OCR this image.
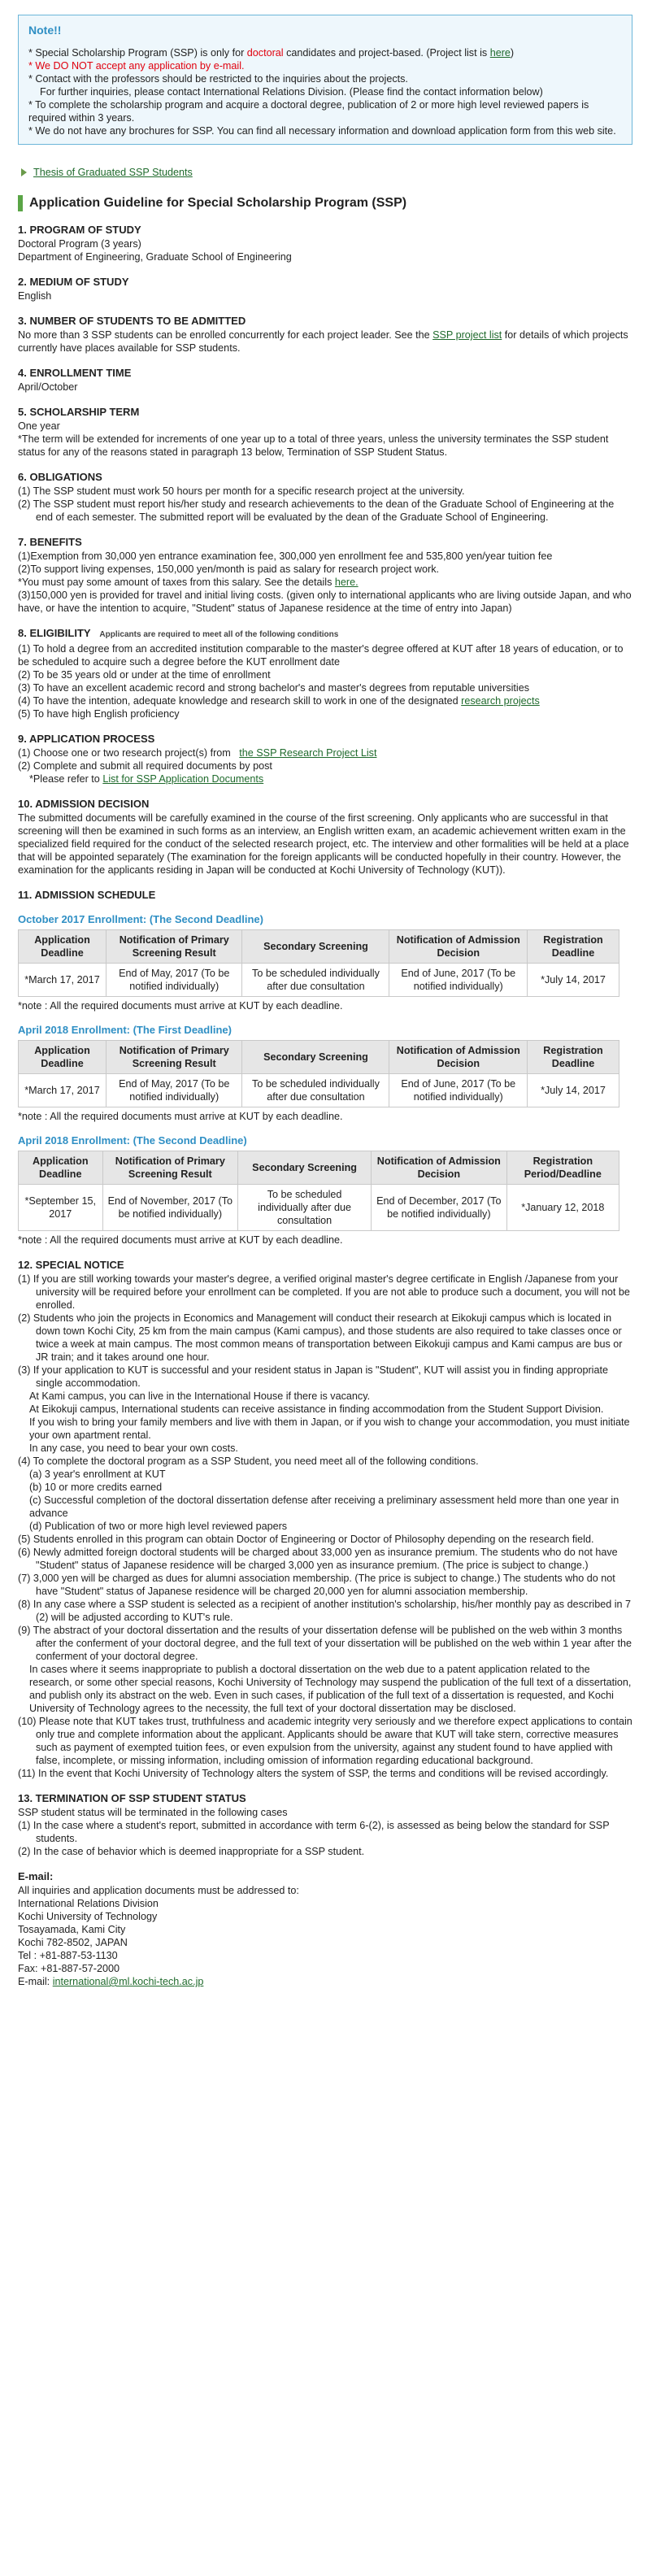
Note!!

* Special Scholarship Program (SSP) is only for doctoral candidates and project-based. (Project list is here)

* We DO NOT accept any application by e-mail.

* Contact with the professors should be restricted to the inquiries about the projects.

For further inquiries, please contact International Relations Division. (Please find the contact information below)

* To complete the scholarship program and acquire a doctoral degree, publication of 2 or more high level reviewed papers is required within 3 years.

* We do not have any brochures for SSP. You can find all necessary information and download application form from this web site.

Thesis of Graduated SSP Students
Application Guideline for Special Scholarship Program (SSP)
1. PROGRAM OF STUDY

Doctoral Program (3 years)

Department of Engineering, Graduate School of Engineering

2. MEDIUM OF STUDY

English

3. NUMBER OF STUDENTS TO BE ADMITTED

No more than 3 SSP students can be enrolled concurrently for each project leader. See the SSP project list for details of which projects currently have places available for SSP students.

4. ENROLLMENT TIME

April/October

5. SCHOLARSHIP TERM

One year

*The term will be extended for increments of one year up to a total of three years, unless the university terminates the SSP student status for any of the reasons stated in paragraph 13 below, Termination of SSP Student Status.

6. OBLIGATIONS

(1) The SSP student must work 50 hours per month for a specific research project at the university.

(2) The SSP student must report his/her study and research achievements to the dean of the Graduate School of Engineering at the end of each semester. The submitted report will be evaluated by the dean of the Graduate School of Engineering.

7. BENEFITS

(1)Exemption from 30,000 yen entrance examination fee, 300,000 yen enrollment fee and 535,800 yen/year tuition fee

(2)To support living expenses, 150,000 yen/month is paid as salary for research project work.

*You must pay some amount of taxes from this salary. See the details here.

(3)150,000 yen is provided for travel and initial living costs. (given only to international applicants who are living outside Japan, and who have, or have the intention to acquire, "Student" status of Japanese residence at the time of entry into Japan)

8. ELIGIBILITY Applicants are required to meet all of the following conditions

(1) To hold a degree from an accredited institution comparable to the master's degree offered at KUT after 18 years of education, or to be scheduled to acquire such a degree before the KUT enrollment date

(2) To be 35 years old or under at the time of enrollment

(3) To have an excellent academic record and strong bachelor's and master's degrees from reputable universities

(4) To have the intention, adequate knowledge and research skill to work in one of the designated research projects

(5) To have high English proficiency

9. APPLICATION PROCESS

(1) Choose one or two research project(s) from   the SSP Research Project List

(2) Complete and submit all required documents by post

*Please refer to List for SSP Application Documents

10. ADMISSION DECISION

The submitted documents will be carefully examined in the course of the first screening. Only applicants who are successful in that screening will then be examined in such forms as an interview, an English written exam, an academic achievement written exam in the specialized field required for the conduct of the selected research project, etc. The interview and other formalities will be held at a place that will be appointed separately (The examination for the foreign applicants will be conducted hopefully in their country. However, the examination for the applicants residing in Japan will be conducted at Kochi University of Technology (KUT)).

11. ADMISSION SCHEDULE
October 2017 Enrollment: (The Second Deadline)
Application Deadline	Notification of Primary Screening Result	Secondary Screening	Notification of Admission Decision	Registration Deadline
*March 17, 2017	End of May, 2017 (To be notified individually)	To be scheduled individually after due consultation	End of June, 2017 (To be notified individually)	*July 14, 2017

*note : All the required documents must arrive at KUT by each deadline.

April 2018 Enrollment: (The First Deadline)
Application Deadline	Notification of Primary Screening Result	Secondary Screening	Notification of Admission Decision	Registration Deadline
*March 17, 2017	End of May, 2017 (To be notified individually)	To be scheduled individually after due consultation	End of June, 2017 (To be notified individually)	*July 14, 2017

*note : All the required documents must arrive at KUT by each deadline.

April 2018 Enrollment: (The Second Deadline)
Application Deadline	Notification of Primary Screening Result	Secondary Screening	Notification of Admission Decision	Registration Period/Deadline
*September 15, 2017	End of November, 2017 (To be notified individually)	To be scheduled individually after due consultation	End of December, 2017 (To be notified individually)	*January 12, 2018

*note : All the required documents must arrive at KUT by each deadline.

12. SPECIAL NOTICE

(1) If you are still working towards your master's degree, a verified original master's degree certificate in English /Japanese from your university will be required before your enrollment can be completed. If you are not able to produce such a document, you will not be enrolled.

(2) Students who join the projects in Economics and Management will conduct their research at Eikokuji campus which is located in down town Kochi City, 25 km from the main campus (Kami campus), and those students are also required to take classes once or twice a week at main campus. The most common means of transportation between Eikokuji campus and Kami campus are bus or JR train; and it takes around one hour.

(3) If your application to KUT is successful and your resident status in Japan is "Student", KUT will assist you in finding appropriate single accommodation.

At Kami campus, you can live in the International House if there is vacancy.

At Eikokuji campus, International students can receive assistance in finding accommodation from the Student Support Division.

If you wish to bring your family members and live with them in Japan, or if you wish to change your accommodation, you must initiate your own apartment rental.

In any case, you need to bear your own costs.

(4) To complete the doctoral program as a SSP Student, you need meet all of the following conditions.

(a) 3 year's enrollment at KUT

(b) 10 or more credits earned

(c) Successful completion of the doctoral dissertation defense after receiving a preliminary assessment held more than one year in advance

(d) Publication of two or more high level reviewed papers

(5) Students enrolled in this program can obtain Doctor of Engineering or Doctor of Philosophy depending on the research field.

(6) Newly admitted foreign doctoral students will be charged about 33,000 yen as insurance premium. The students who do not have "Student" status of Japanese residence will be charged 3,000 yen as insurance premium. (The price is subject to change.)

(7) 3,000 yen will be charged as dues for alumni association membership. (The price is subject to change.) The students who do not have "Student" status of Japanese residence will be charged 20,000 yen for alumni association membership.

(8) In any case where a SSP student is selected as a recipient of another institution's scholarship, his/her monthly pay as described in 7 (2) will be adjusted according to KUT's rule.

(9) The abstract of your doctoral dissertation and the results of your dissertation defense will be published on the web within 3 months after the conferment of your doctoral degree, and the full text of your dissertation will be published on the web within 1 year after the conferment of your doctoral degree.

In cases where it seems inappropriate to publish a doctoral dissertation on the web due to a patent application related to the research, or some other special reasons, Kochi University of Technology may suspend the publication of the full text of a dissertation, and publish only its abstract on the web. Even in such cases, if publication of the full text of a dissertation is requested, and Kochi University of Technology agrees to the necessity, the full text of your doctoral dissertation may be disclosed.

(10) Please note that KUT takes trust, truthfulness and academic integrity very seriously and we therefore expect applications to contain only true and complete information about the applicant. Applicants should be aware that KUT will take stern, corrective measures such as payment of exempted tuition fees, or even expulsion from the university, against any student found to have applied with false, incomplete, or missing information, including omission of information regarding educational background.

(11) In the event that Kochi University of Technology alters the system of SSP, the terms and conditions will be revised accordingly.

13. TERMINATION OF SSP STUDENT STATUS

SSP student status will be terminated in the following cases

(1) In the case where a student's report, submitted in accordance with term 6-(2), is assessed as being below the standard for SSP students.

(2) In the case of behavior which is deemed inappropriate for a SSP student.

E-mail:

All inquiries and application documents must be addressed to:

International Relations Division

Kochi University of Technology

Tosayamada, Kami City

Kochi 782-8502, JAPAN

Tel : +81-887-53-1130

Fax: +81-887-57-2000

E-mail: international@ml.kochi-tech.ac.jp
